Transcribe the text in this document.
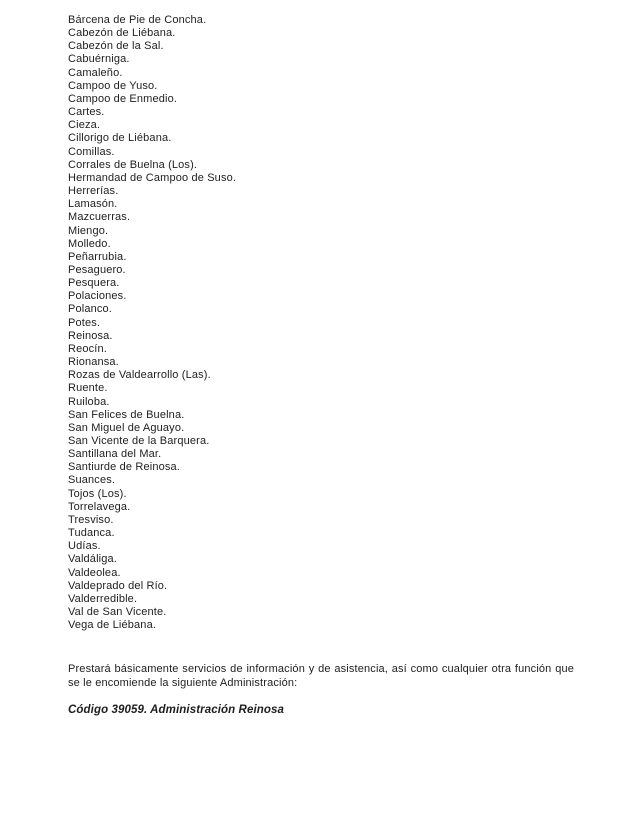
Bárcena de Pie de Concha.
Cabezón de Liébana.
Cabezón de la Sal.
Cabuérniga.
Camaleño.
Campoo de Yuso.
Campoo de Enmedio.
Cartes.
Cieza.
Cillorigo de Liébana.
Comillas.
Corrales de Buelna (Los).
Hermandad de Campoo de Suso.
Herrerías.
Lamasón.
Mazcuerras.
Miengo.
Molledo.
Peñarrubia.
Pesaguero.
Pesquera.
Polaciones.
Polanco.
Potes.
Reinosa.
Reocín.
Rionansa.
Rozas de Valdearrollo (Las).
Ruente.
Ruiloba.
San Felices de Buelna.
San Miguel de Aguayo.
San Vicente de la Barquera.
Santillana del Mar.
Santiurde de Reinosa.
Suances.
Tojos (Los).
Torrelavega.
Tresviso.
Tudanca.
Udías.
Valdáliga.
Valdeolea.
Valdeprado del Río.
Valderredible.
Val de San Vicente.
Vega de Liébana.

Prestará básicamente servicios de información y de asistencia, así como cualquier otra función que se le encomiende la siguiente Administración:

Código 39059. Administración Reinosa
